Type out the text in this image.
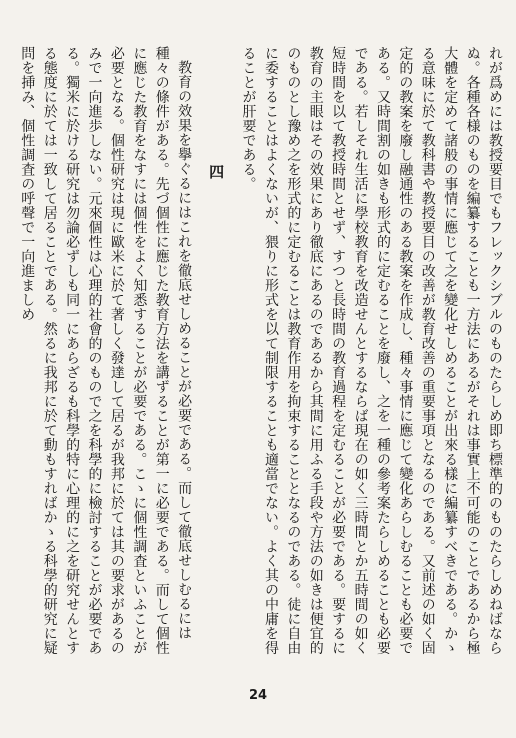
れが爲めには教授要目でもフレックシブルのものたらしめ即ち標準的のものたらしめねばならぬ。各種各様のものを編纂することも一方法にあるがそれは事實上不可能のことであるから極大體を定めて諸般の事情に應じて之を變化せしめることが出來る樣に編纂すべきである。かゝる意味に於て教科書や教授要目の改善が教育改善の重要事項となるのである。又前述の如く固定的の教案を廢し融通性のある教案を作成し、種々事情に應じて變化あらしむることも必要である。又時間割の如きも形式的に定むることを廢し、之を一種の參考案たらしめることも必要である。若しそれ生活に學校教育を改造せんとするならば現在の如く三時間とか五時間の如く短時間を以て教授時間とせず、すつと長時間の教育過程を定むることが必要である。要するに教育の主眼はその效果にあり徹底にあるのであるから其間に用ふる手段や方法の如きは便宜的のものとし豫め之を形式的に定むることは教育作用を拘束することとなるのである。徒に自由に委することはよくないが、猥りに形式を以て制限することも適當でない。よく其の中庸を得ることが肝要である。

四

教育の效果を擧ぐるにはこれを徹底せしめることが必要である。而して徹底せしむるには種々の條件がある。先づ個性に應じた教育方法を講ずることが第一に必要である。而して個性に應じた教育をなすには個性をよく知悉することが必要である。こゝに個性調査といふことが必要となる。個性研究は現に歐米に於て著しく發達して居るが我邦に於ては其の要求があるのみで一向進歩しない。元來個性は心理的社會的のもので之を科學的に檢討することが必要である。獨米に於ける研究は勿論必ずしも同一にあらざるも科學的特に心理的に之を研究せんとする態度に於ては一致して居ることである。然るに我邦に於て動もすればかゝる科學的研究に疑問を挿み、個性調査の呼聲で一向進ましめ

24
